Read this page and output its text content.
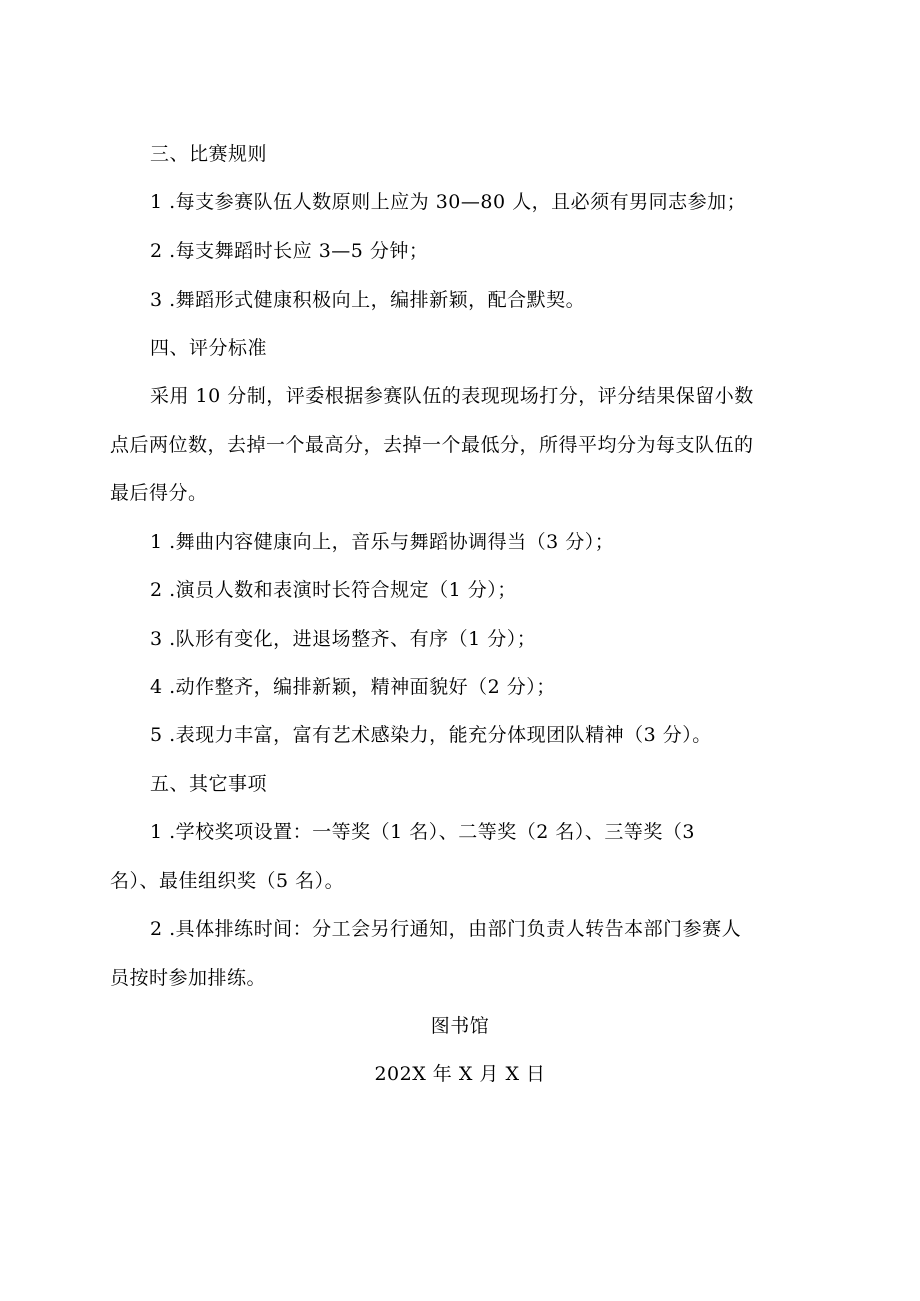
三、比赛规则
1 .每支参赛队伍人数原则上应为 30—80 人，且必须有男同志参加；
2 .每支舞蹈时长应 3—5 分钟；
3 .舞蹈形式健康积极向上，编排新颖，配合默契。
四、评分标准
采用 10 分制，评委根据参赛队伍的表现现场打分，评分结果保留小数
点后两位数，去掉一个最高分，去掉一个最低分，所得平均分为每支队伍的
最后得分。
1 .舞曲内容健康向上，音乐与舞蹈协调得当（3 分）；
2 .演员人数和表演时长符合规定（1 分）；
3 .队形有变化，进退场整齐、有序（1 分）；
4 .动作整齐，编排新颖，精神面貌好（2 分）；
5 .表现力丰富，富有艺术感染力，能充分体现团队精神（3 分）。
五、其它事项
1 .学校奖项设置：一等奖（1 名）、二等奖（2 名）、三等奖（3
名）、最佳组织奖（5 名）。
2 .具体排练时间：分工会另行通知，由部门负责人转告本部门参赛人
员按时参加排练。
图书馆
202X 年 X 月 X 日
